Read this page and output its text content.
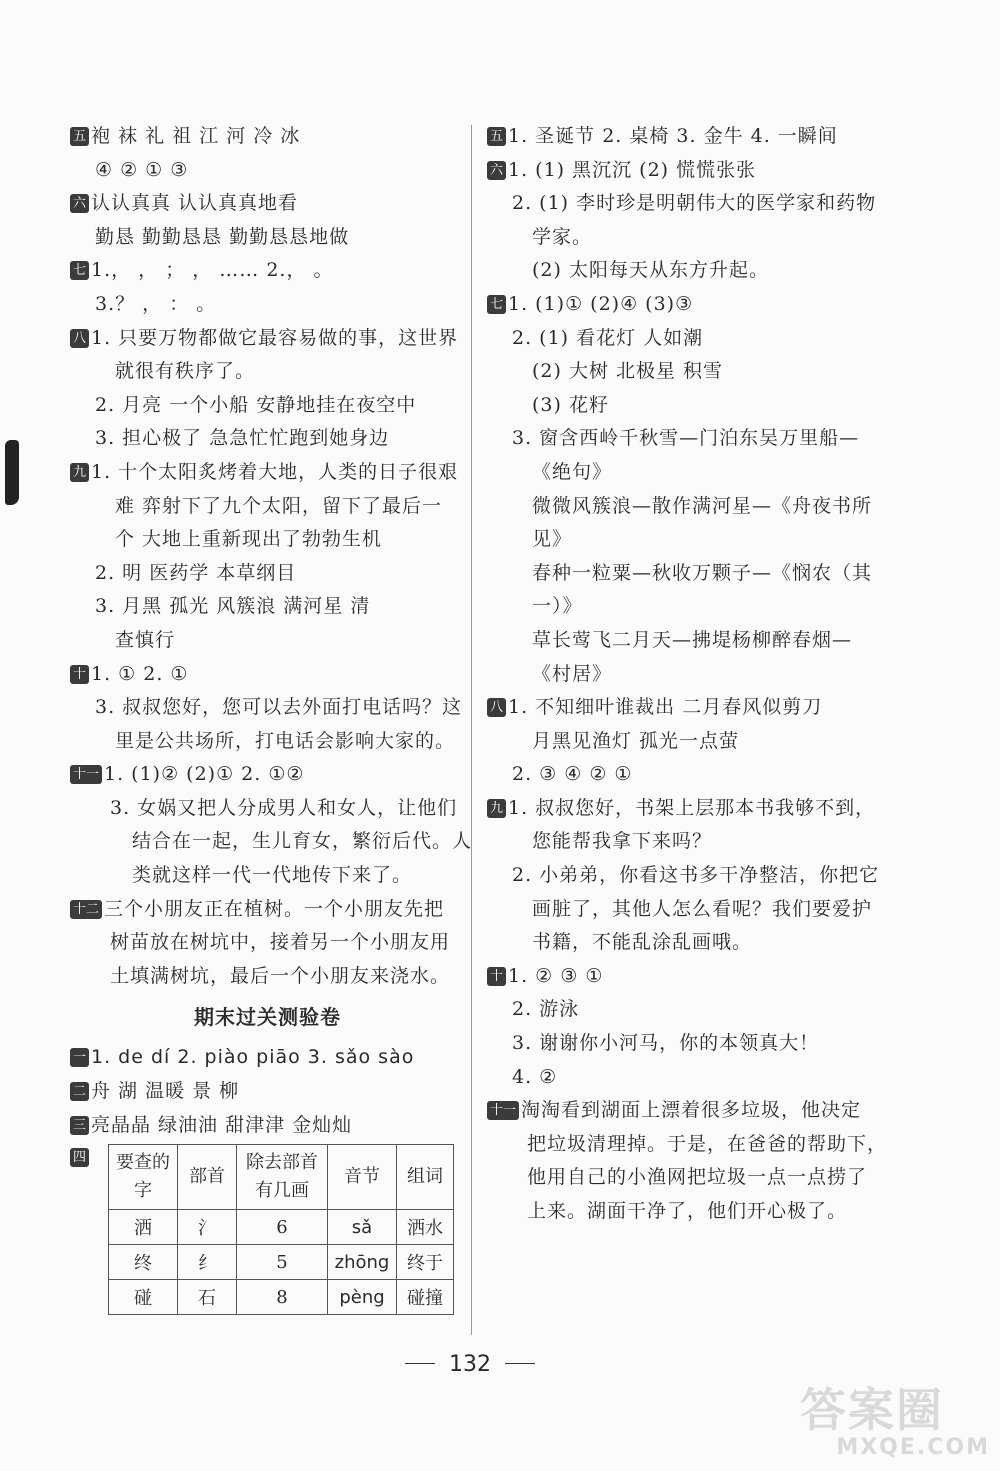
五 袍 袜 礼 祖 江 河 冷 冰
④ ② ① ③
六 认认真真 认认真真地看
勤恳 勤勤恳恳 勤勤恳恳地做
七 1.， ， ； ， …… 2.， 。
3.？ ， ： 。
八 1. 只要万物都做它最容易做的事，这世界
就很有秩序了。
2. 月亮 一个小船 安静地挂在夜空中
3. 担心极了 急急忙忙跑到她身边
九 1. 十个太阳炙烤着大地，人类的日子很艰
难 弈射下了九个太阳，留下了最后一
个 大地上重新现出了勃勃生机
2. 明 医药学 本草纲目
3. 月黑 孤光 风簇浪 满河星 清
查慎行
十 1. ① 2. ①
3. 叔叔您好，您可以去外面打电话吗？这
里是公共场所，打电话会影响大家的。
十一 1. (1)② (2)① 2. ①②
3. 女娲又把人分成男人和女人，让他们
结合在一起，生儿育女，繁衍后代。人
类就这样一代一代地传下来了。
十二 三个小朋友正在植树。一个小朋友先把
树苗放在树坑中，接着另一个小朋友用
土填满树坑，最后一个小朋友来浇水。
期末过关测验卷
一 1. de dí 2. piào piāo 3. sǎo sào
二 舟 湖 温暖 景 柳
三 亮晶晶 绿油油 甜津津 金灿灿
四 要查的字	部首	除去部首有几画	音节	组词
洒	氵	6	sǎ	洒水
终	纟	5	zhōng	终于
碰	石	8	pèng	碰撞
五 1. 圣诞节 2. 桌椅 3. 金牛 4. 一瞬间
六 1. (1) 黑沉沉 (2) 慌慌张张
2. (1) 李时珍是明朝伟大的医学家和药物
学家。
(2) 太阳每天从东方升起。
七 1. (1)① (2)④ (3)③
2. (1) 看花灯 人如潮
(2) 大树 北极星 积雪
(3) 花籽
3. 窗含西岭千秋雪—门泊东吴万里船—
《绝句》
微微风簇浪—散作满河星—《舟夜书所
见》
春种一粒粟—秋收万颗子—《悯农（其
一）》
草长莺飞二月天—拂堤杨柳醉春烟—
《村居》
八 1. 不知细叶谁裁出 二月春风似剪刀
月黑见渔灯 孤光一点萤
2. ③ ④ ② ①
九 1. 叔叔您好，书架上层那本书我够不到，
您能帮我拿下来吗？
2. 小弟弟，你看这书多干净整洁，你把它
画脏了，其他人怎么看呢？我们要爱护
书籍，不能乱涂乱画哦。
十 1. ② ③ ①
2. 游泳
3. 谢谢你小河马，你的本领真大！
4. ②
十一 淘淘看到湖面上漂着很多垃圾，他决定
把垃圾清理掉。于是，在爸爸的帮助下，
他用自己的小渔网把垃圾一点一点捞了
上来。湖面干净了，他们开心极了。
132
答案圈
MXQE.COM
